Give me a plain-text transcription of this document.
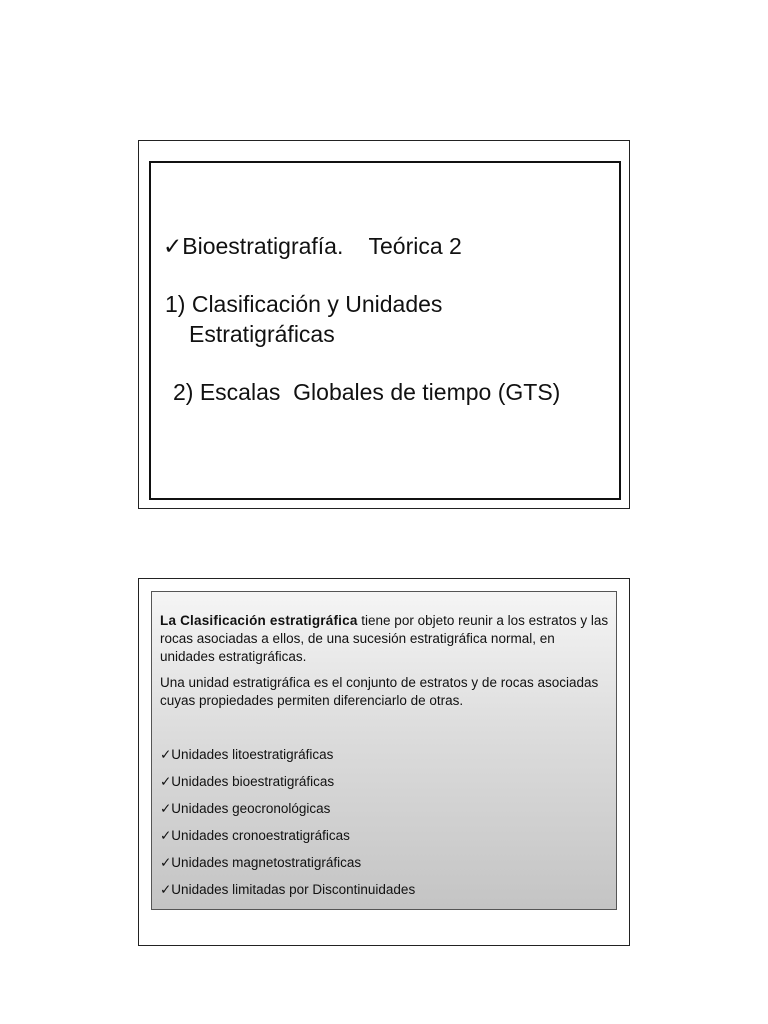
✓Bioestratigrafía.    Teórica 2
1) Clasificación y Unidades
Estratigráficas
2) Escalas  Globales de tiempo (GTS)

La Clasificación estratigráfica tiene por objeto reunir a los estratos y las rocas asociadas a ellos, de una sucesión estratigráfica normal, en unidades estratigráficas.

Una unidad estratigráfica es el conjunto de estratos y de rocas asociadas cuyas propiedades permiten diferenciarlo de otras.

✓Unidades litoestratigráficas
✓Unidades bioestratigráficas
✓Unidades geocronológicas
✓Unidades cronoestratigráficas
✓Unidades magnetostratigráficas
✓Unidades limitadas por Discontinuidades
